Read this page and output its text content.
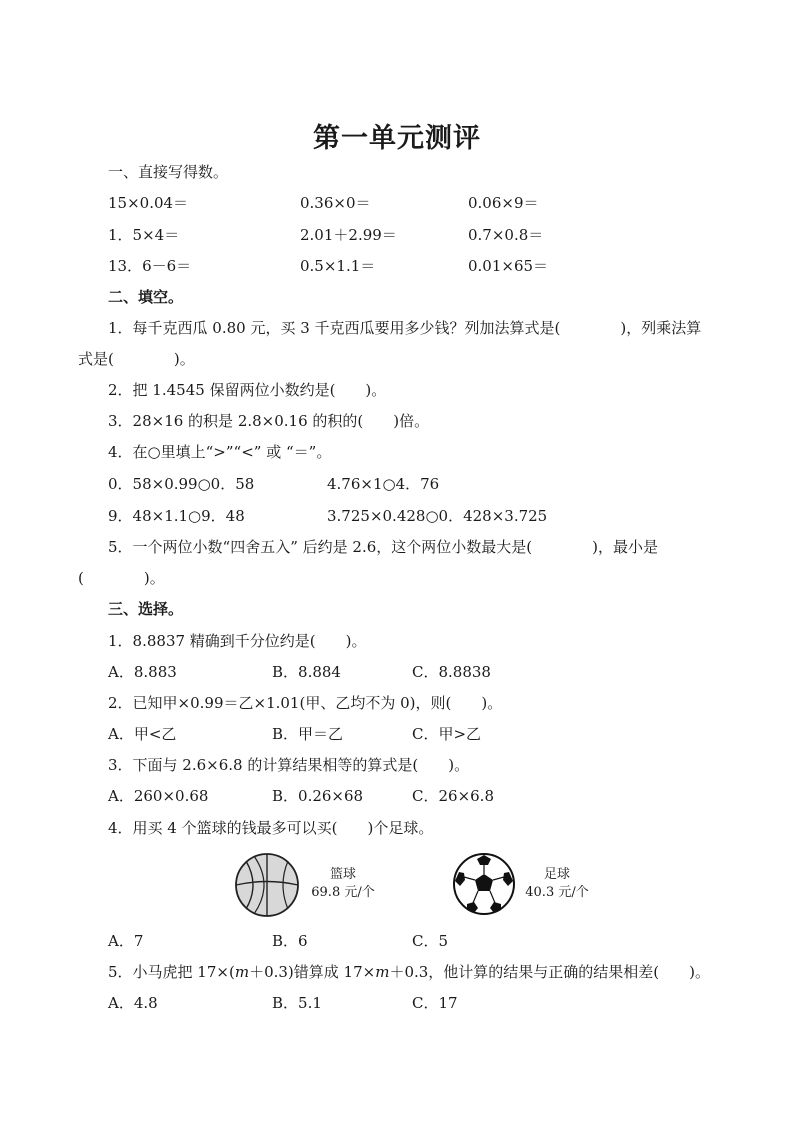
第一单元测评
一、直接写得数。
15×0.04＝	0.36×0＝	0.06×9＝
1．5×4＝	2.01＋2.99＝	0.7×0.8＝
13．6－6＝	0.5×1.1＝	0.01×65＝
二、填空。
1．每千克西瓜 0.80 元，买 3 千克西瓜要用多少钱？列加法算式是(　　　　)，列乘法算
式是(　　　　)。
2．把 1.4545 保留两位小数约是(　　)。
3．28×16 的积是 2.8×0.16 的积的(　　)倍。
4．在○里填上“>”“<” 或 “＝”。
0．58×0.99○0．58	4.76×1○4．76
9．48×1.1○9．48	3.725×0.428○0．428×3.725
5．一个两位小数“四舍五入” 后约是 2.6，这个两位小数最大是(　　　　)，最小是
(　　　　)。
三、选择。
1．8.8837 精确到千分位约是(　　)。
A．8.883	B．8.884	C．8.8838
2．已知甲×0.99＝乙×1.01(甲、乙均不为 0)，则(　　)。
A．甲<乙	B．甲＝乙	C．甲>乙
3．下面与 2.6×6.8 的计算结果相等的算式是(　　)。
A．260×0.68	B．0.26×68	C．26×6.8
4．用买 4 个篮球的钱最多可以买(　　)个足球。
篮球
69.8 元/个
足球
40.3 元/个
A．7	B．6	C．5
5．小马虎把 17×(m＋0.3)错算成 17×m＋0.3，他计算的结果与正确的结果相差(　　)。
A．4.8	B．5.1	C．17
